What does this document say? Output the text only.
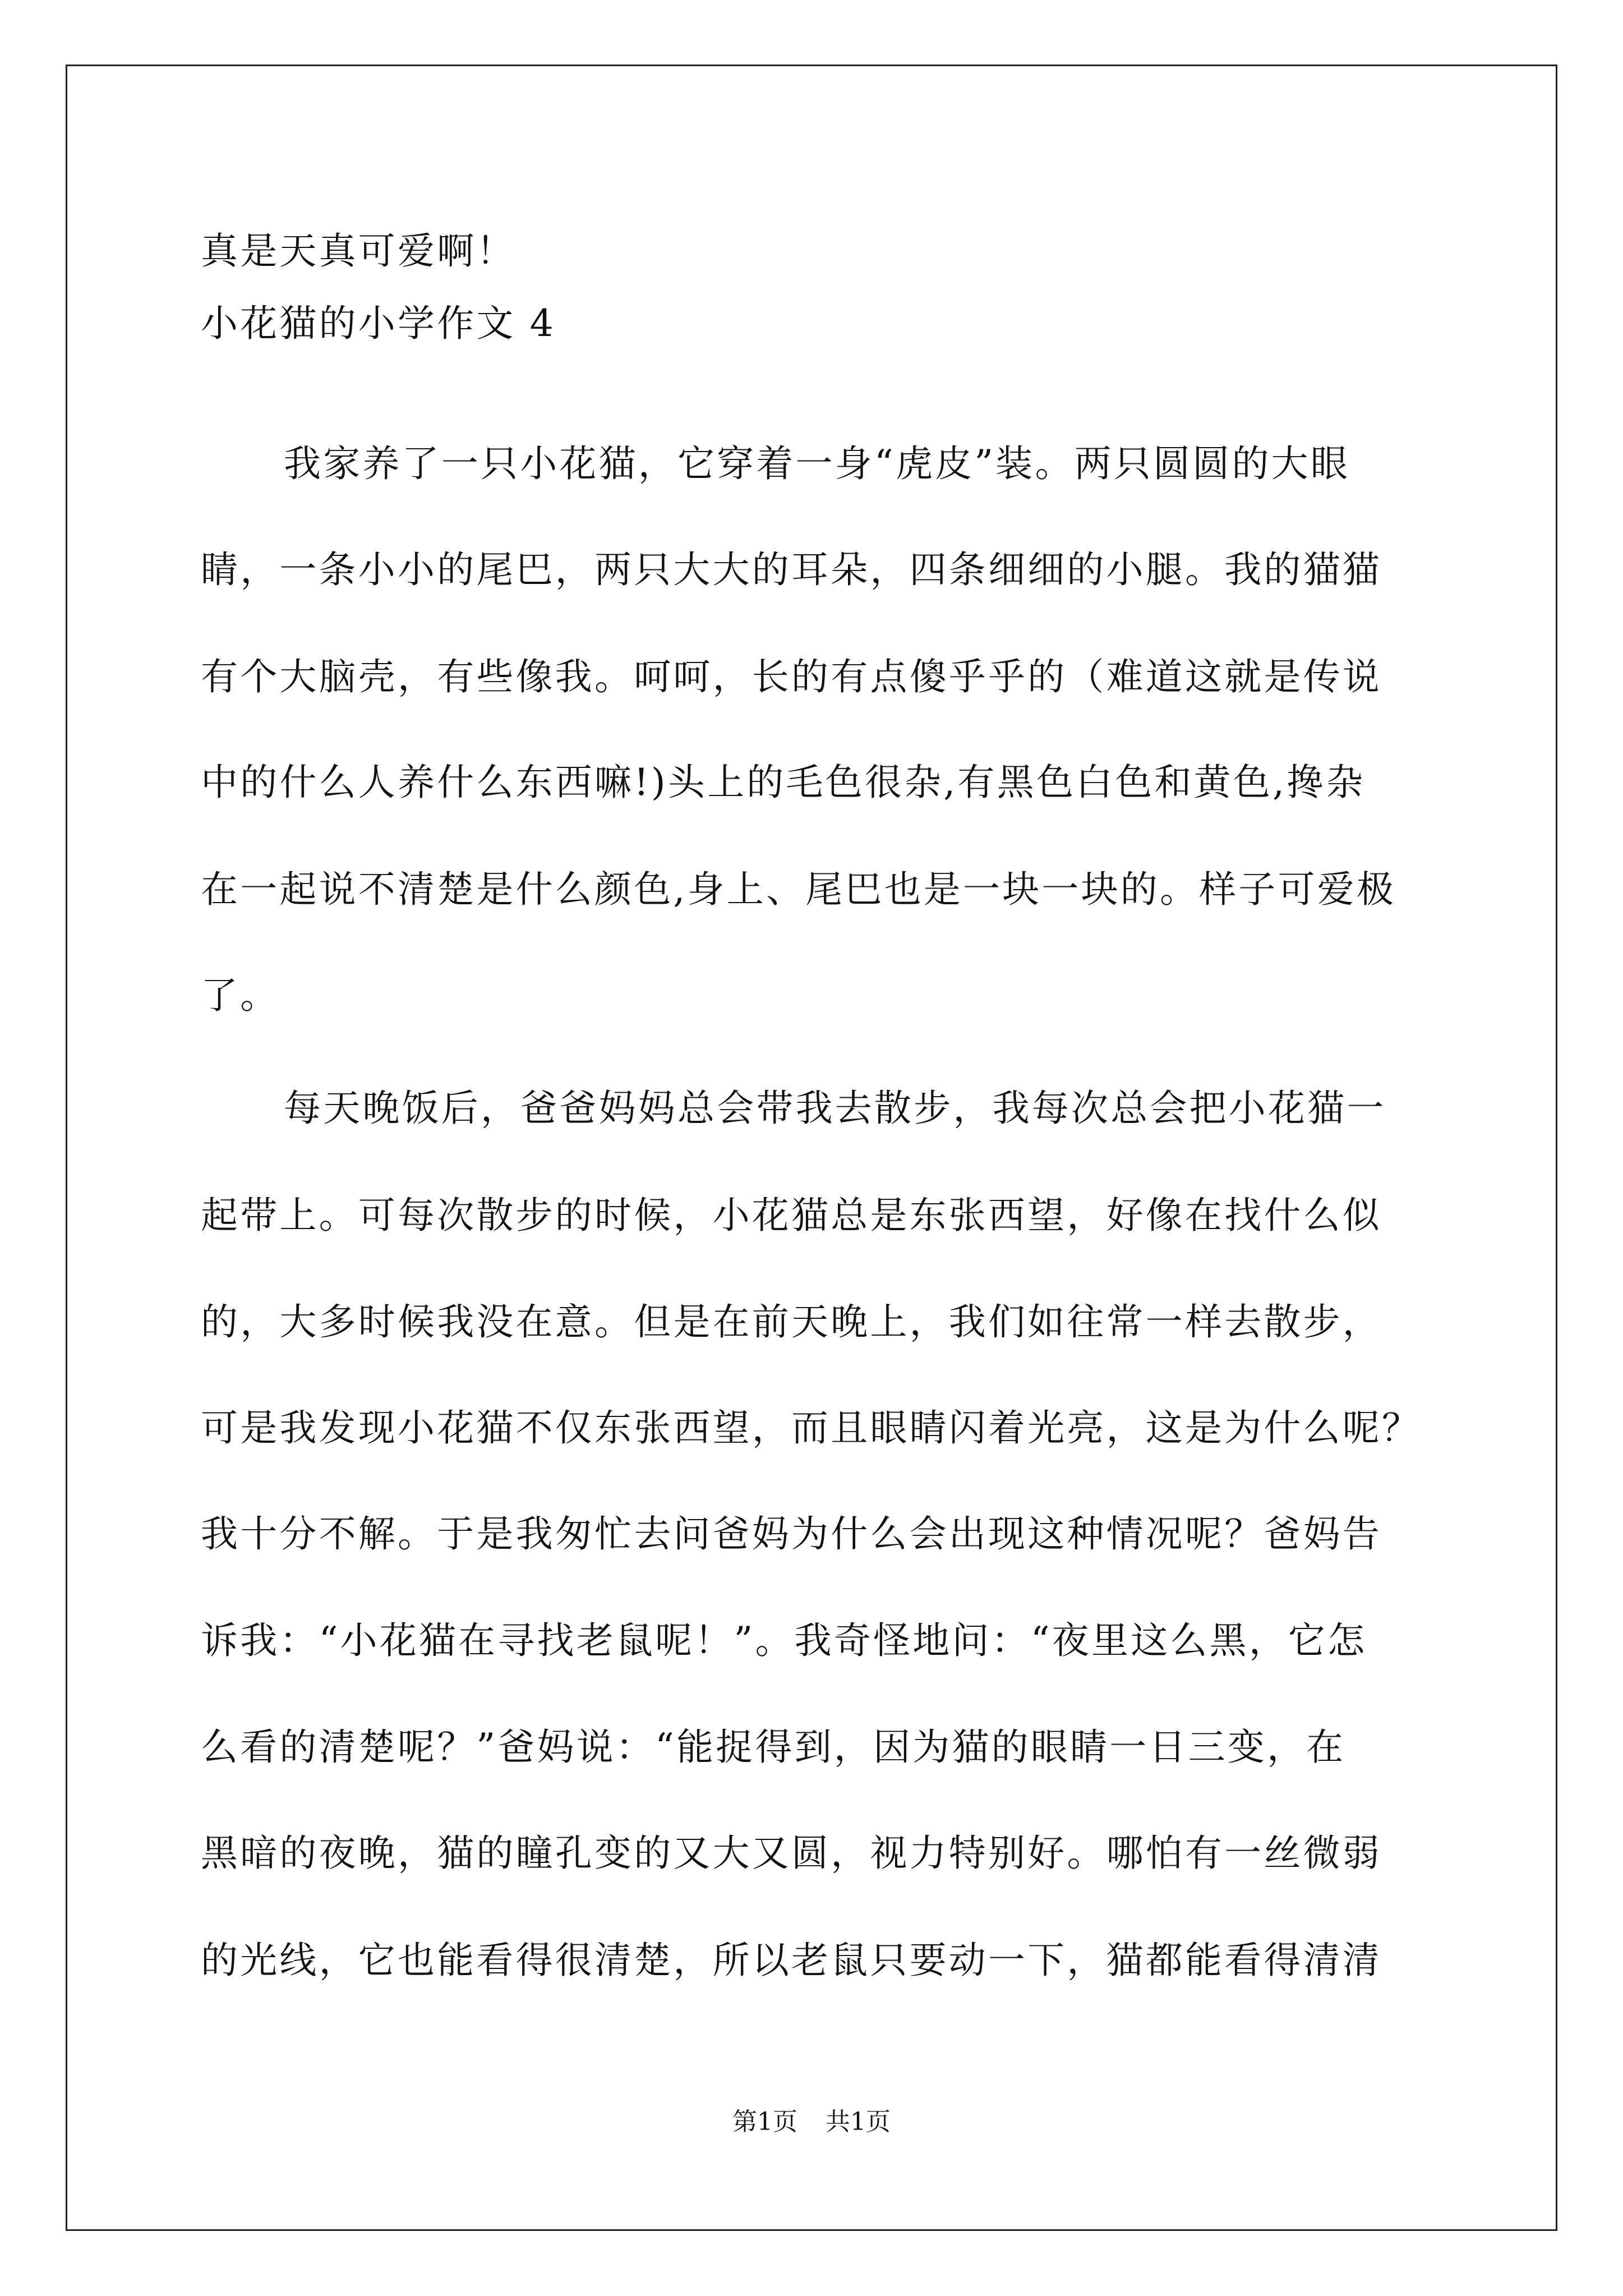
真是天真可爱啊！
小花猫的小学作文 4
我家养了一只小花猫，它穿着一身“虎皮”装。两只圆圆的大眼
睛，一条小小的尾巴，两只大大的耳朵，四条细细的小腿。我的猫猫
有个大脑壳，有些像我。呵呵，长的有点傻乎乎的（难道这就是传说
中的什么人养什么东西嘛!)头上的毛色很杂,有黑色白色和黄色,搀杂
在一起说不清楚是什么颜色,身上、尾巴也是一块一块的。样子可爱极
了。
每天晚饭后，爸爸妈妈总会带我去散步，我每次总会把小花猫一
起带上。可每次散步的时候，小花猫总是东张西望，好像在找什么似
的，大多时候我没在意。但是在前天晚上，我们如往常一样去散步，
可是我发现小花猫不仅东张西望，而且眼睛闪着光亮，这是为什么呢？
我十分不解。于是我匆忙去问爸妈为什么会出现这种情况呢？爸妈告
诉我：“小花猫在寻找老鼠呢！”。我奇怪地问：“夜里这么黑，它怎
么看的清楚呢？”爸妈说：“能捉得到，因为猫的眼睛一日三变，在
黑暗的夜晚，猫的瞳孔变的又大又圆，视力特别好。哪怕有一丝微弱
的光线，它也能看得很清楚，所以老鼠只要动一下，猫都能看得清清
第1页 共1页
